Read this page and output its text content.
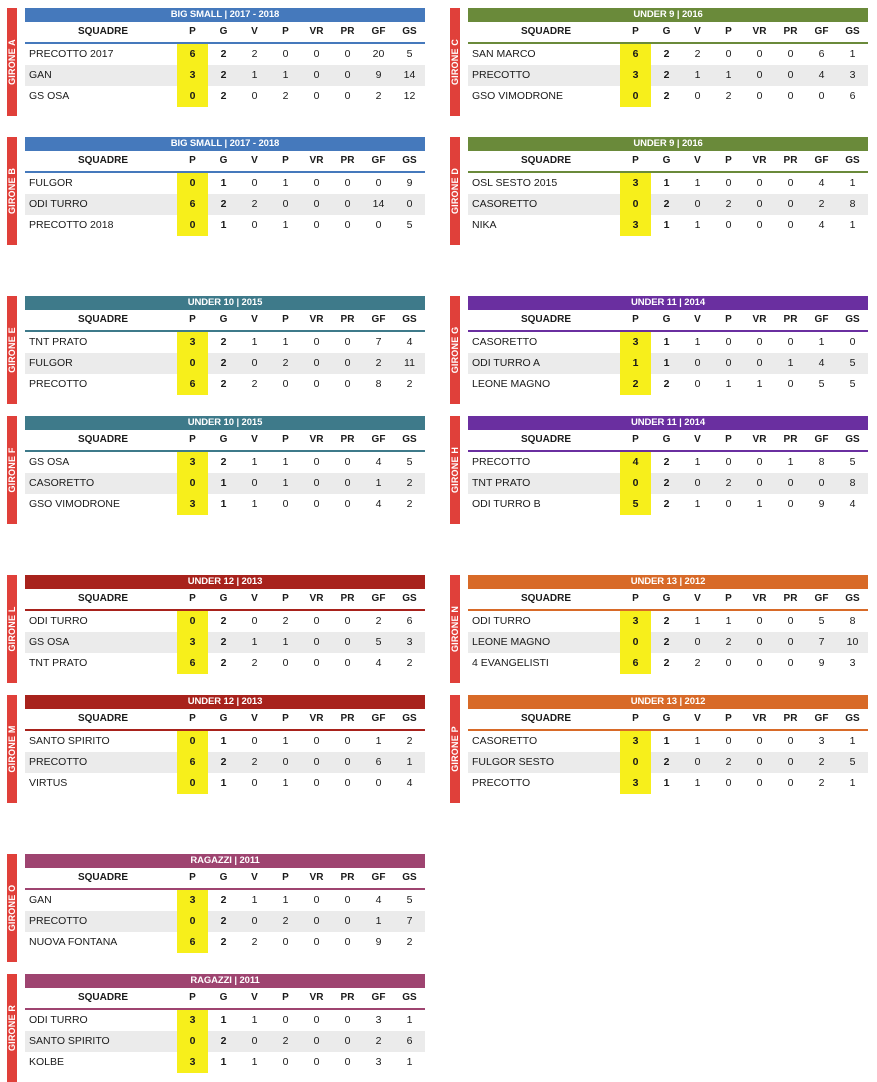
GIRONE A
BIG SMALL | 2017 - 2018
SQUADRE	P	G	V	P	VR	PR	GF	GS
PRECOTTO 2017	6	2	2	0	0	0	20	5
GAN	3	2	1	1	0	0	9	14
GS OSA	0	2	0	2	0	0	2	12
GIRONE C
UNDER 9 | 2016
SQUADRE	P	G	V	P	VR	PR	GF	GS
SAN MARCO	6	2	2	0	0	0	6	1
PRECOTTO	3	2	1	1	0	0	4	3
GSO VIMODRONE	0	2	0	2	0	0	0	6
GIRONE B
BIG SMALL | 2017 - 2018
SQUADRE	P	G	V	P	VR	PR	GF	GS
FULGOR	0	1	0	1	0	0	0	9
ODI TURRO	6	2	2	0	0	0	14	0
PRECOTTO 2018	0	1	0	1	0	0	0	5
GIRONE D
UNDER 9 | 2016
SQUADRE	P	G	V	P	VR	PR	GF	GS
OSL SESTO 2015	3	1	1	0	0	0	4	1
CASORETTO	0	2	0	2	0	0	2	8
NIKA	3	1	1	0	0	0	4	1
GIRONE E
UNDER 10 | 2015
SQUADRE	P	G	V	P	VR	PR	GF	GS
TNT PRATO	3	2	1	1	0	0	7	4
FULGOR	0	2	0	2	0	0	2	11
PRECOTTO	6	2	2	0	0	0	8	2
GIRONE G
UNDER 11 | 2014
SQUADRE	P	G	V	P	VR	PR	GF	GS
CASORETTO	3	1	1	0	0	0	1	0
ODI TURRO A	1	1	0	0	0	1	4	5
LEONE MAGNO	2	2	0	1	1	0	5	5
GIRONE F
UNDER 10 | 2015
SQUADRE	P	G	V	P	VR	PR	GF	GS
GS OSA	3	2	1	1	0	0	4	5
CASORETTO	0	1	0	1	0	0	1	2
GSO VIMODRONE	3	1	1	0	0	0	4	2
GIRONE H
UNDER 11 | 2014
SQUADRE	P	G	V	P	VR	PR	GF	GS
PRECOTTO	4	2	1	0	0	1	8	5
TNT PRATO	0	2	0	2	0	0	0	8
ODI TURRO B	5	2	1	0	1	0	9	4
GIRONE L
UNDER 12 | 2013
SQUADRE	P	G	V	P	VR	PR	GF	GS
ODI TURRO	0	2	0	2	0	0	2	6
GS OSA	3	2	1	1	0	0	5	3
TNT PRATO	6	2	2	0	0	0	4	2
GIRONE N
UNDER 13 | 2012
SQUADRE	P	G	V	P	VR	PR	GF	GS
ODI TURRO	3	2	1	1	0	0	5	8
LEONE MAGNO	0	2	0	2	0	0	7	10
4 EVANGELISTI	6	2	2	0	0	0	9	3
GIRONE M
UNDER 12 | 2013
SQUADRE	P	G	V	P	VR	PR	GF	GS
SANTO SPIRITO	0	1	0	1	0	0	1	2
PRECOTTO	6	2	2	0	0	0	6	1
VIRTUS	0	1	0	1	0	0	0	4
GIRONE P
UNDER 13 | 2012
SQUADRE	P	G	V	P	VR	PR	GF	GS
CASORETTO	3	1	1	0	0	0	3	1
FULGOR SESTO	0	2	0	2	0	0	2	5
PRECOTTO	3	1	1	0	0	0	2	1
GIRONE O
RAGAZZI | 2011
SQUADRE	P	G	V	P	VR	PR	GF	GS
GAN	3	2	1	1	0	0	4	5
PRECOTTO	0	2	0	2	0	0	1	7
NUOVA FONTANA	6	2	2	0	0	0	9	2
GIRONE R
RAGAZZI | 2011
SQUADRE	P	G	V	P	VR	PR	GF	GS
ODI TURRO	3	1	1	0	0	0	3	1
SANTO SPIRITO	0	2	0	2	0	0	2	6
KOLBE	3	1	1	0	0	0	3	1
